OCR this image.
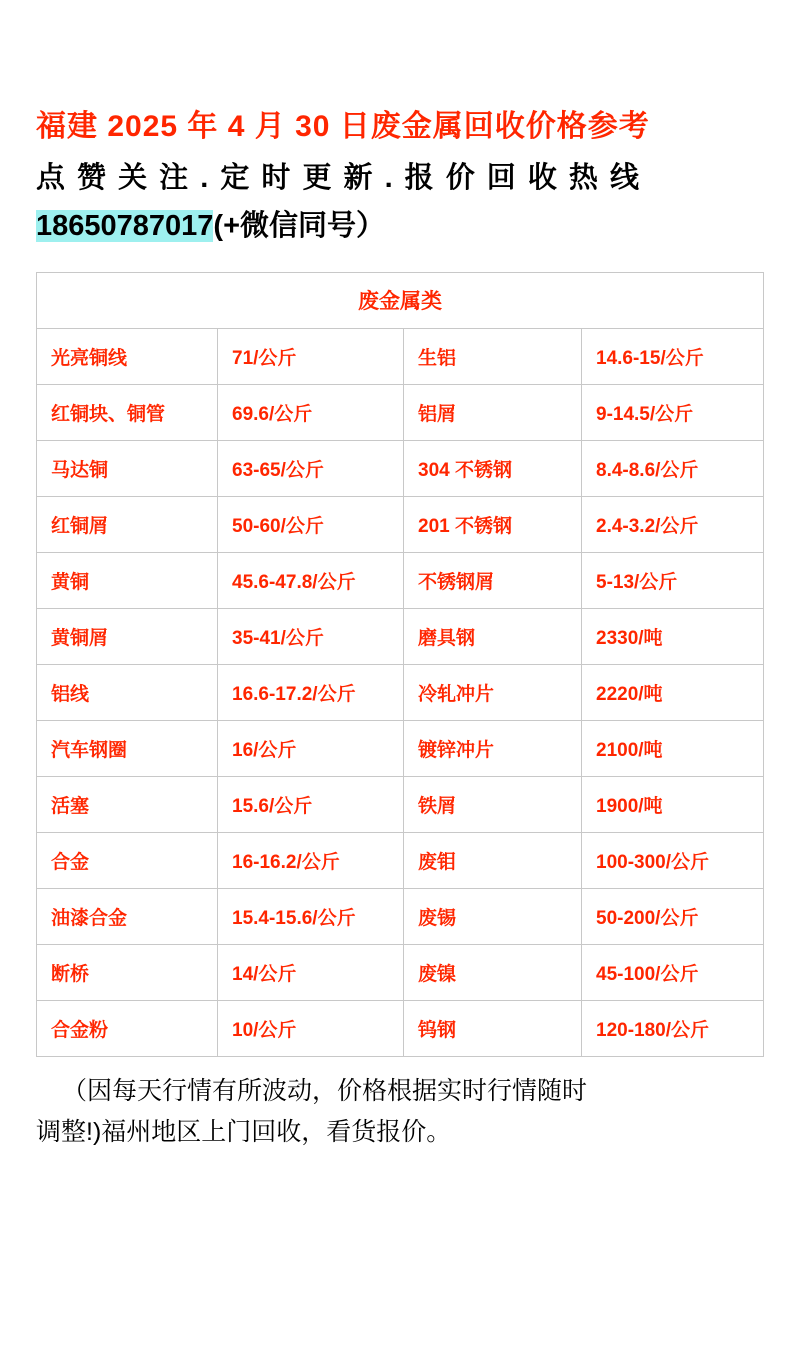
福建 2025 年 4 月 30 日废金属回收价格参考
点 赞 关 注 . 定 时 更 新 . 报 价 回 收 热 线
18650787017(+微信同号）
废金属类			
光亮铜线	71/公斤	生铝	14.6-15/公斤
红铜块、铜管	69.6/公斤	铝屑	9-14.5/公斤
马达铜	63-65/公斤	304 不锈钢	8.4-8.6/公斤
红铜屑	50-60/公斤	201 不锈钢	2.4-3.2/公斤
黄铜	45.6-47.8/公斤	不锈钢屑	5-13/公斤
黄铜屑	35-41/公斤	磨具钢	2330/吨
铝线	16.6-17.2/公斤	冷轧冲片	2220/吨
汽车钢圈	16/公斤	镀锌冲片	2100/吨
活塞	15.6/公斤	铁屑	1900/吨
合金	16-16.2/公斤	废钼	100-300/公斤
油漆合金	15.4-15.6/公斤	废锡	50-200/公斤
断桥	14/公斤	废镍	45-100/公斤
合金粉	10/公斤	钨钢	120-180/公斤
（因每天行情有所波动，价格根据实时行情随时
调整!)福州地区上门回收，看货报价。
